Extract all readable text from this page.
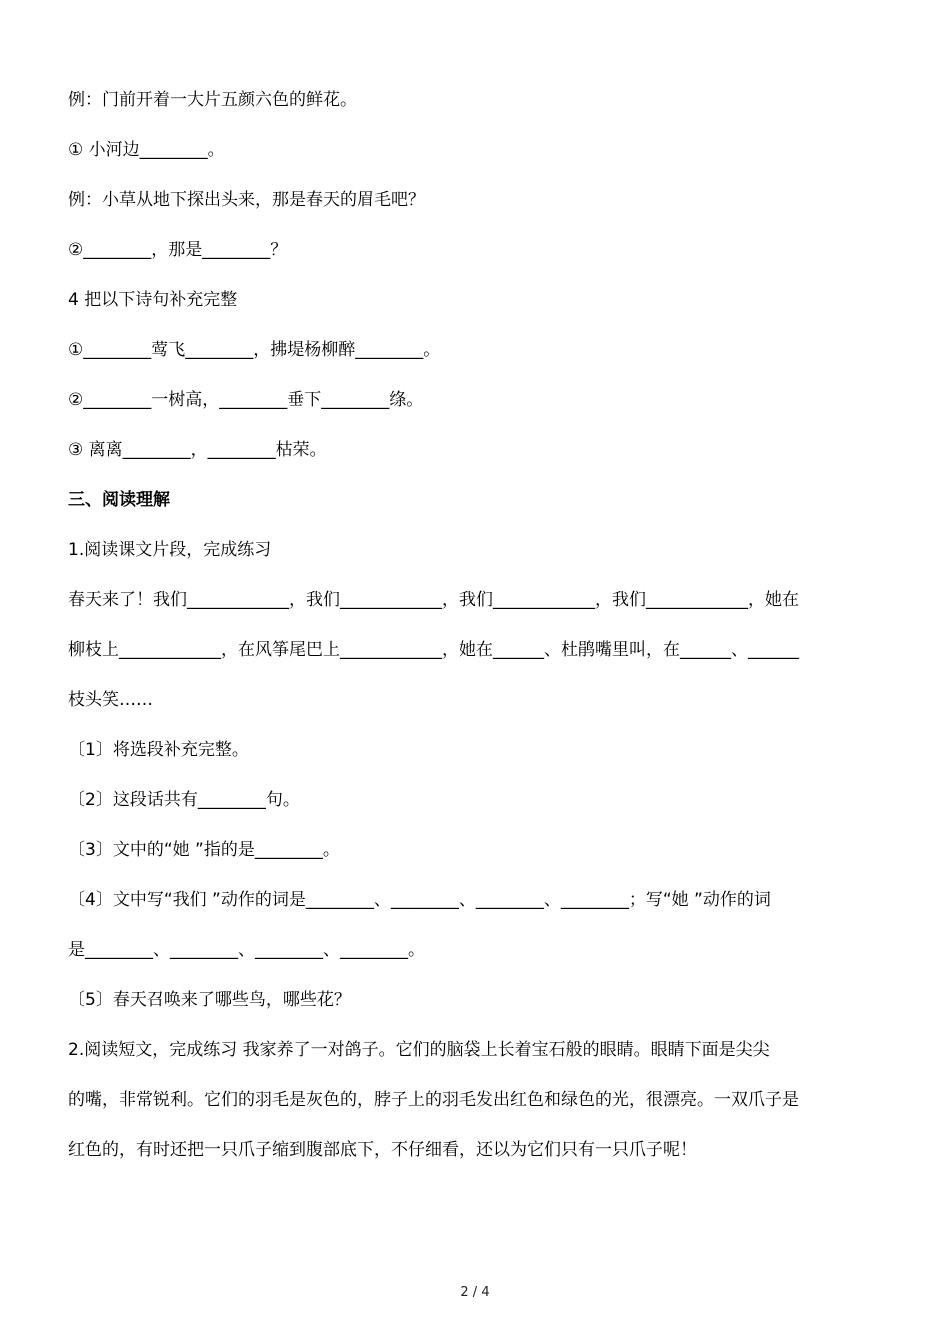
例：门前开着一大片五颜六色的鲜花。
① 小河边________。
例：小草从地下探出头来，那是春天的眉毛吧？
②________，那是________？
4 把以下诗句补充完整
①________莺飞________，拂堤杨柳醉________。
②________一树高，________垂下________绦。
③ 离离________，________枯荣。
三、阅读理解
1.阅读课文片段，完成练习
春天来了！我们____________，我们____________，我们____________，我们____________，她在
柳枝上____________，在风筝尾巴上____________，她在______、杜鹃嘴里叫，在______、______
枝头笑……
〔1〕将选段补充完整。
〔2〕这段话共有________句。
〔3〕文中的“她 ”指的是________。
〔4〕文中写“我们 ”动作的词是________、________、________、________；写“她 ”动作的词
是________、________、________、________。
〔5〕春天召唤来了哪些鸟，哪些花？
2.阅读短文，完成练习 我家养了一对鸽子。它们的脑袋上长着宝石般的眼睛。眼睛下面是尖尖
的嘴，非常锐利。它们的羽毛是灰色的，脖子上的羽毛发出红色和绿色的光，很漂亮。一双爪子是
红色的，有时还把一只爪子缩到腹部底下，不仔细看，还以为它们只有一只爪子呢！
2 / 4
